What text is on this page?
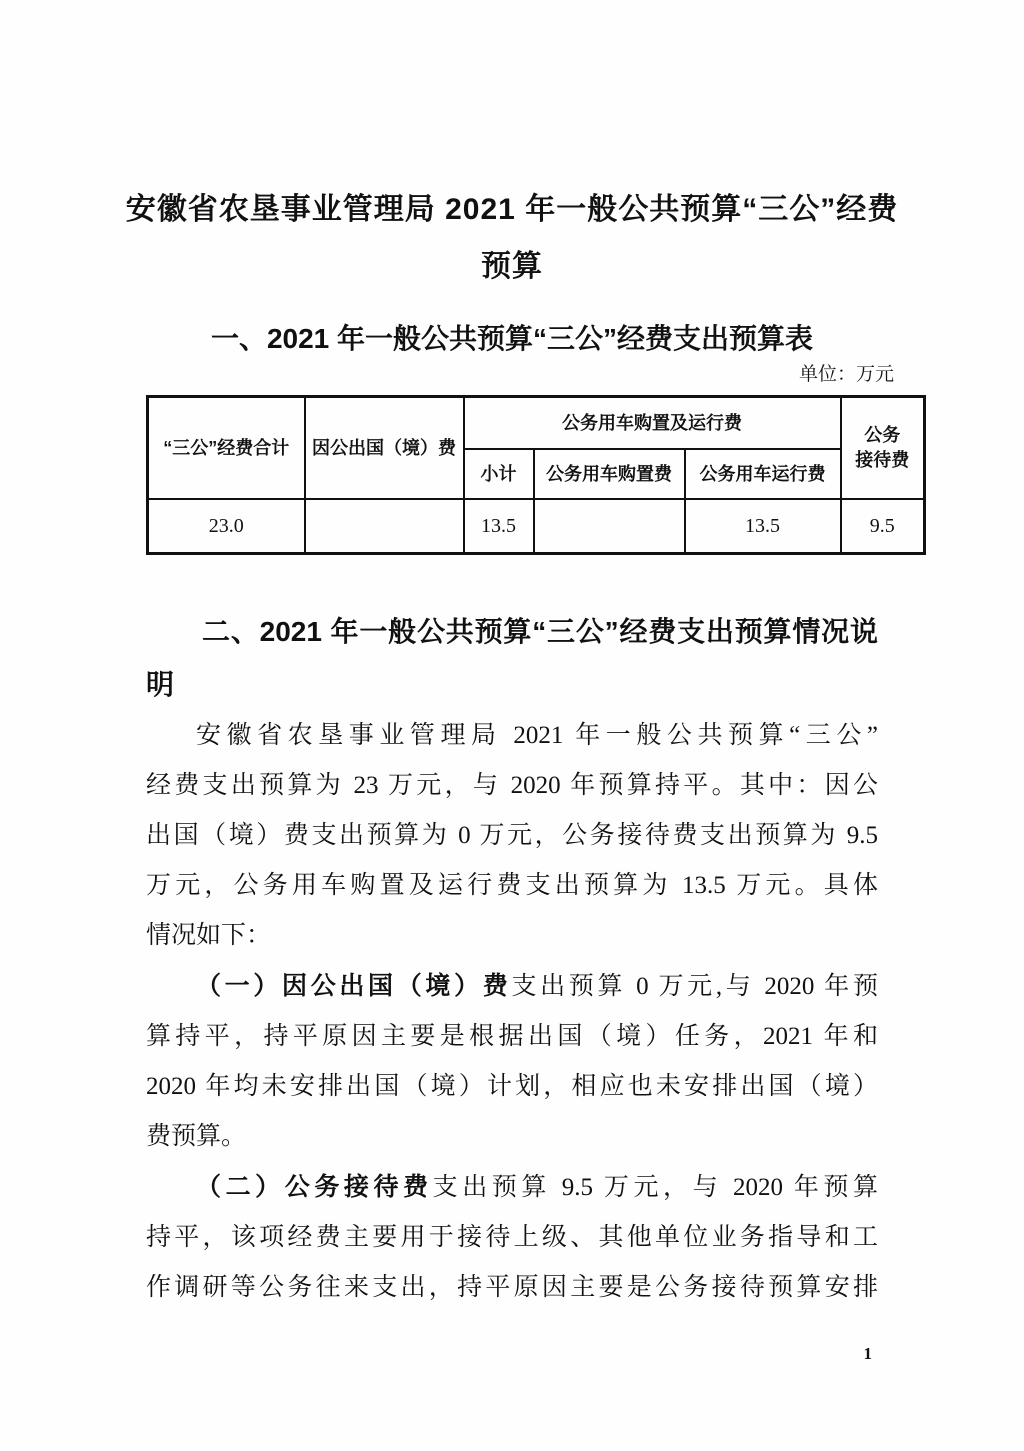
安徽省农垦事业管理局 2021 年一般公共预算“三公”经费
预算
一、2021 年一般公共预算“三公”经费支出预算表
单位：万元
“三公”经费合计	因公出国（境）费	公务用车购置及运行费			公务
接待费

		小计	公务用车购置费	公务用车运行费	
23.0		13.5		13.5	9.5
二、2021 年一般公共预算“三公”经费支出预算情况说
明
安徽省农垦事业管理局 2021 年一般公共预算“三公”
经费支出预算为 23 万元，与 2020 年预算持平。其中：因公
出国（境）费支出预算为 0 万元，公务接待费支出预算为 9.5
万元，公务用车购置及运行费支出预算为 13.5 万元。具体
情况如下：
（一）因公出国（境）费支出预算 0 万元,与 2020 年预
算持平，持平原因主要是根据出国（境）任务，2021 年和
2020 年均未安排出国（境）计划，相应也未安排出国（境）
费预算。
（二）公务接待费支出预算 9.5 万元，与 2020 年预算
持平，该项经费主要用于接待上级、其他单位业务指导和工
作调研等公务往来支出，持平原因主要是公务接待预算安排
1
